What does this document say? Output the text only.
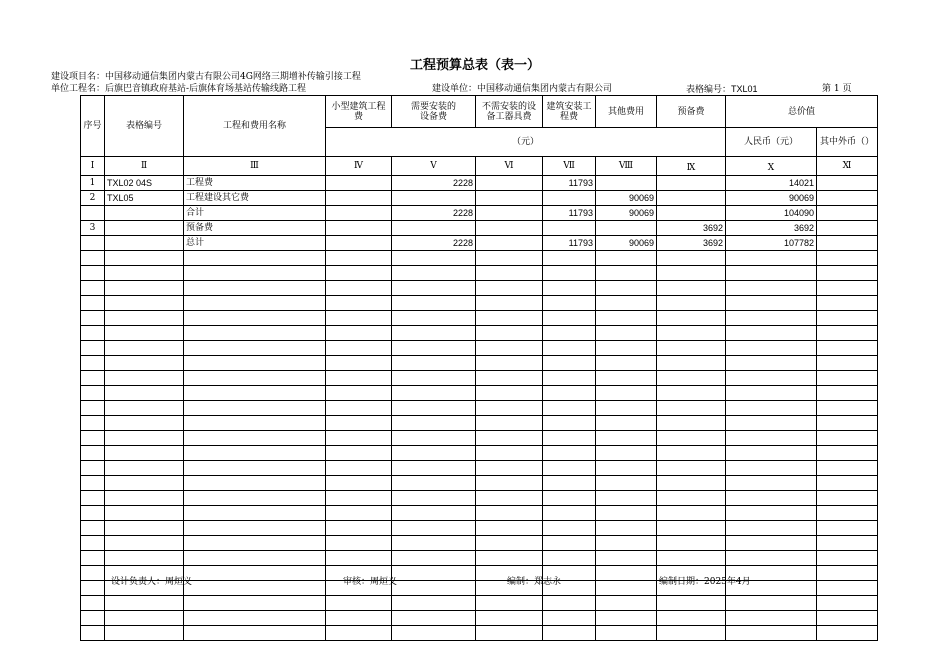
工程预算总表（表一）
建设项目名：中国移动通信集团内蒙古有限公司4G网络三期增补传输引接工程
单位工程名：后旗巴音镇政府基站-后旗体育场基站传输线路工程	建设单位：中国移动通信集团内蒙古有限公司	表格编号：TXL01	第 1 页
序号	表格编号	工程和费用名称	小型建筑工程费	需要安装的设备费	不需安装的设备工器具费	建筑安装工程费	其他费用	预备费	总价值	
			（元）						人民币（元）	其中外币（）
Ⅰ	Ⅱ	Ⅲ	Ⅳ	Ⅴ	Ⅵ	Ⅶ	Ⅷ	Ⅸ	Ⅹ	Ⅺ
1	TXL02 04S	工程费		2228		11793			14021	
2	TXL05	工程建设其它费					90069		90069	
		合计		2228		11793	90069		104090	
3		预备费						3692	3692	
		总计		2228		11793	90069	3692	107782	

设计负责人：周烜义	审核：周烜义	编制：郑志永	编制日期：2025年4月
